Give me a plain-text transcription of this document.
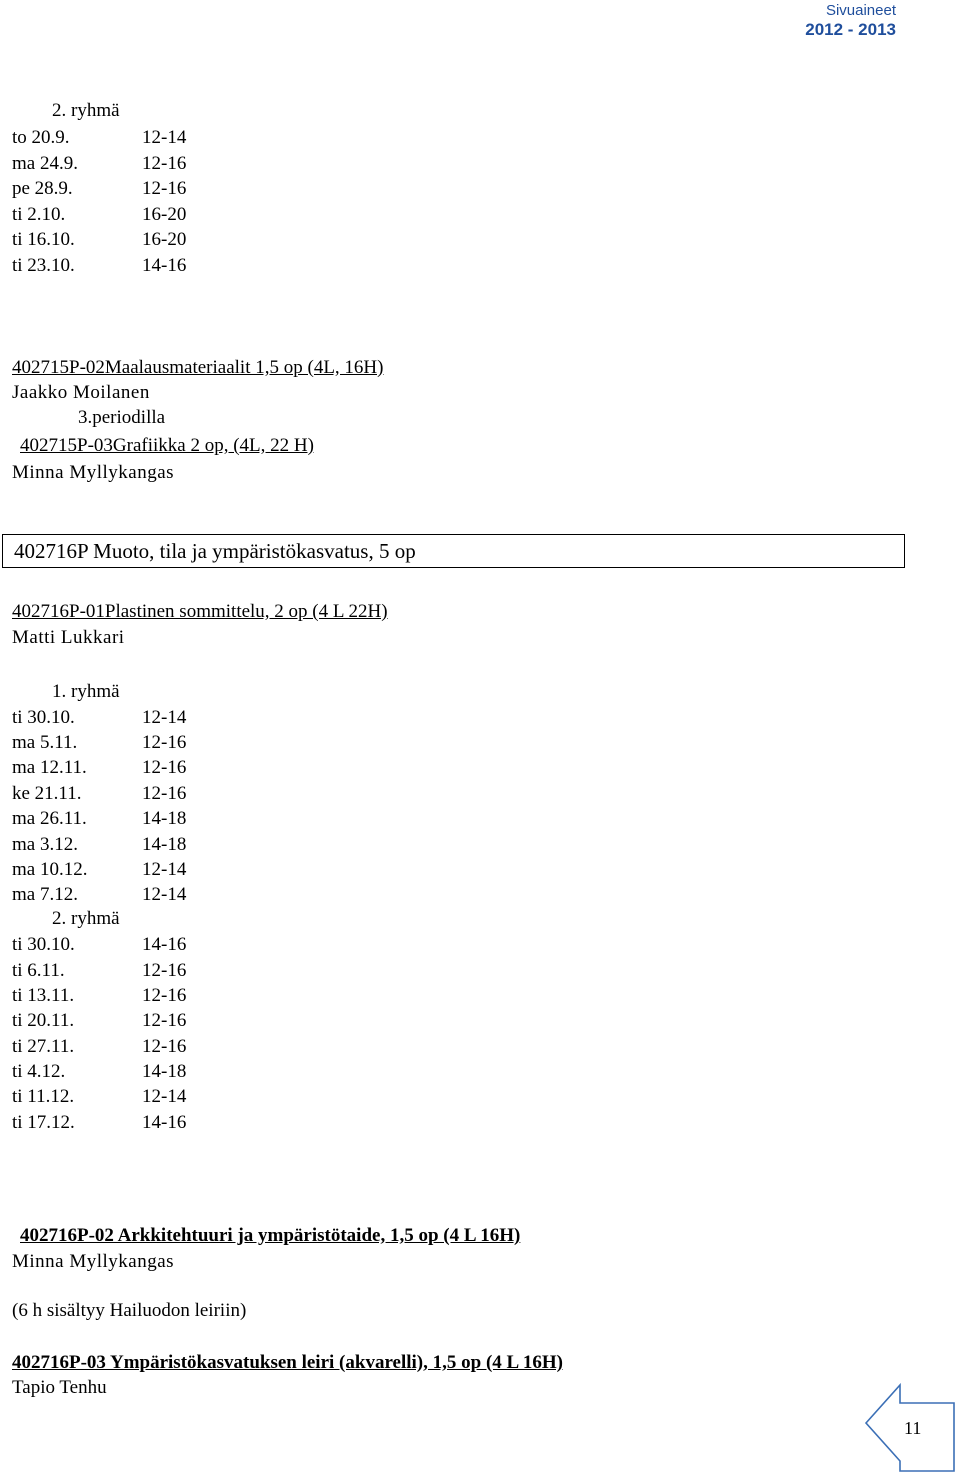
Sivuaineet
2012 - 2013
2. ryhmä
to 20.9.	12-14
ma 24.9.	12-16
pe 28.9.	12-16
ti 2.10.	16-20
ti 16.10.	16-20
ti 23.10.	14-16
402715P-02Maalausmateriaalit 1,5 op (4L, 16H)
Jaakko Moilanen
3.periodilla
402715P-03Grafiikka 2 op, (4L, 22 H)
Minna Myllykangas
402716P Muoto, tila ja ympäristökasvatus, 5 op
402716P-01Plastinen sommittelu, 2 op (4 L 22H)
Matti Lukkari
1. ryhmä
ti 30.10.	12-14
ma 5.11.	12-16
ma 12.11.	12-16
ke 21.11.	12-16
ma 26.11.	14-18
ma 3.12.	14-18
ma 10.12.	12-14
ma 7.12.	12-14
2. ryhmä
ti 30.10.	14-16
ti 6.11.	12-16
ti 13.11.	12-16
ti 20.11.	12-16
ti 27.11.	12-16
ti 4.12.	14-18
ti 11.12.	12-14
ti 17.12.	14-16
402716P-02 Arkkitehtuuri ja ympäristötaide, 1,5 op (4 L 16H)
Minna Myllykangas
(6 h sisältyy Hailuodon leiriin)
402716P-03 Ympäristökasvatuksen leiri (akvarelli), 1,5 op (4 L 16H)
Tapio Tenhu
11
